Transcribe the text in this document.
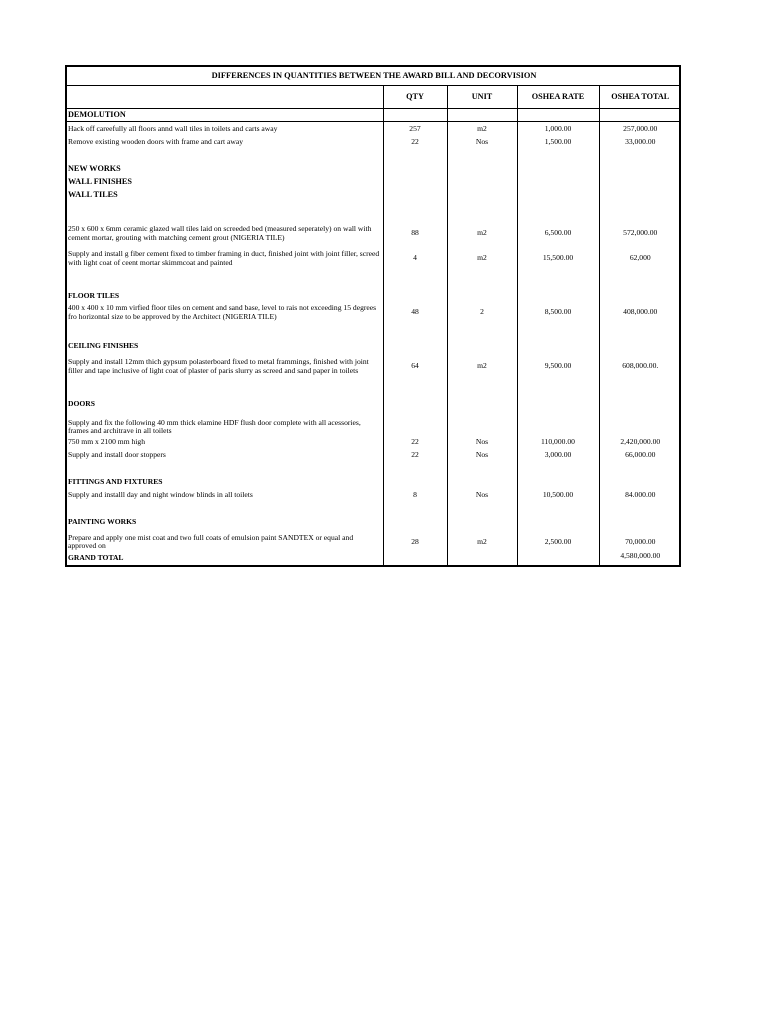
DIFFERENCES IN QUANTITIES BETWEEN THE AWARD BILL AND DECORVISION				
	QTY	UNIT	OSHEA RATE	OSHEA TOTAL
DEMOLUTION				
Hack off careefully all floors annd wall tiles in toilets and carts away	257	m2	1,000.00	257,000.00
Remove existing wooden doors with frame and cart away	22	Nos	1,500.00	33,000.00

NEW WORKS				
WALL FINISHES				
WALL TILES				

250 x 600 x 6mm ceramic glazed wall tiles laid on screeded bed (measured seperately) on wall with cement mortar, grouting with matching cement grout (NIGERIA TILE)	88	m2	6,500.00	572,000.00
Supply and install g fiber cement fixed to timber framing in duct, finished joint with joint filler, screed with light coat of ceent mortar skimmcoat and painted	4	m2	15,500.00	62,000

FLOOR TILES				
400 x 400 x 10 mm virfied floor tiles on cement and sand base, level to rais not exceeding 15 degrees fro horizontal size to be approved by the Architect (NIGERIA TILE)	48	2	8,500.00	408,000.00

CEILING FINISHES				
Supply and install 12mm thich gypsum polasterboard fixed to metal frammings, finished with joint filler and tape inclusive of light coat of plaster of paris slurry as screed and sand paper in toilets	64	m2	9,500.00	608,000.00.

DOORS				

Supply and fix the following 40 mm thick elamine HDF flush door complete with all acessories, frames and architrave in all toilets				
750 mm x 2100 mm high	22	Nos	110,000.00	2,420,000.00
Supply and install door stoppers	22	Nos	3,000.00	66,000.00

FITTINGS AND FIXTURES				
Supply and installl day and night window blinds in all toilets	8	Nos	10,500.00	84.000.00

PAINTING WORKS				

Prepare and apply one mist coat and two full coats of emulsion paint SANDTEX or equal and approved on	28	m2	2,500.00	70,000.00
GRAND TOTAL				4,580,000.00
